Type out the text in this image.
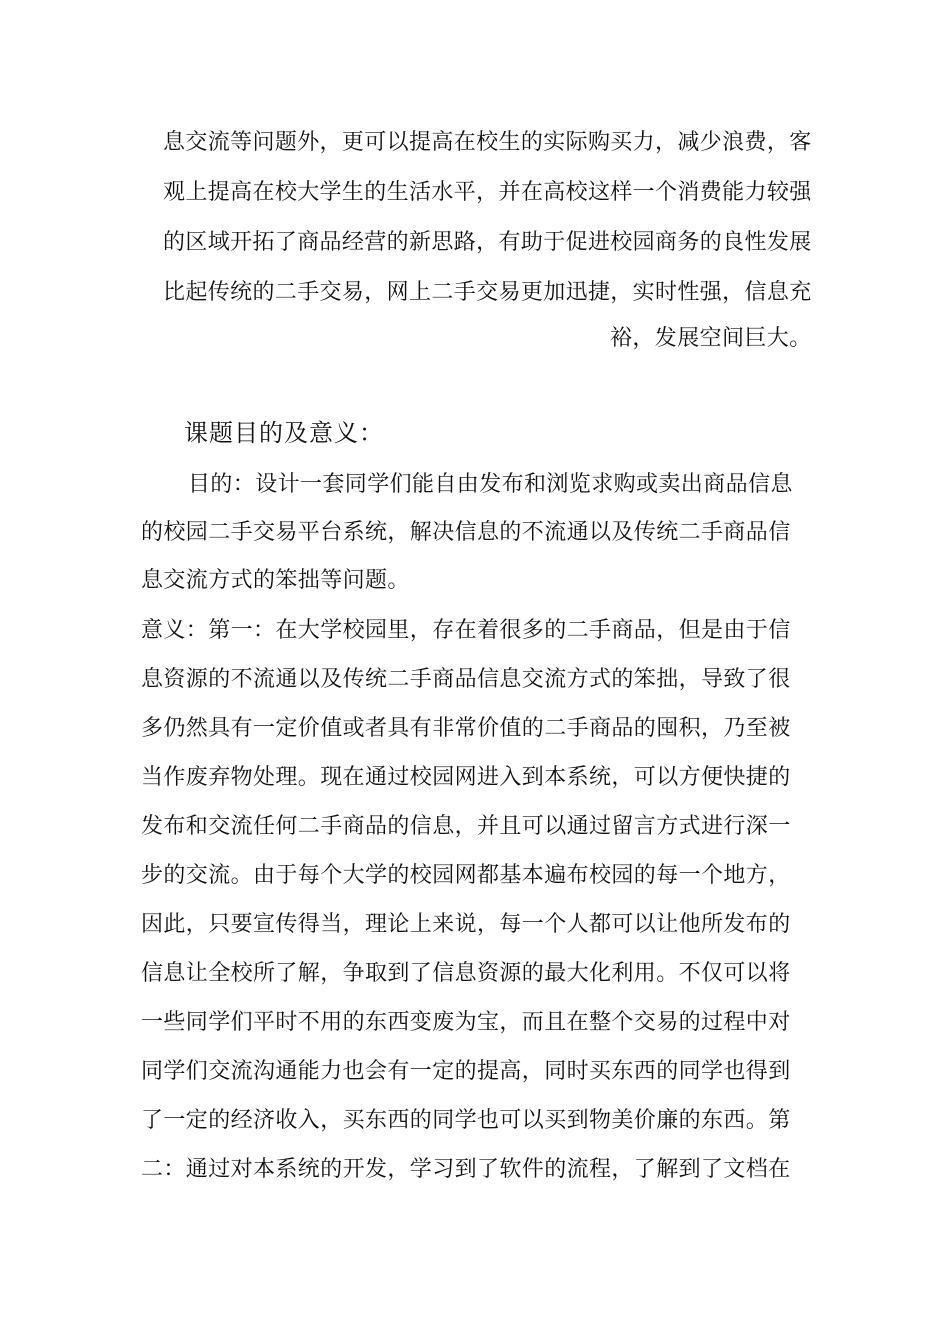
息交流等问题外，更可以提高在校生的实际购买力，减少浪费，客
观上提高在校大学生的生活水平，并在高校这样一个消费能力较强
的区域开拓了商品经营的新思路，有助于促进校园商务的良性发展
比起传统的二手交易，网上二手交易更加迅捷，实时性强，信息充
裕，发展空间巨大。
课题目的及意义：
目的：设计一套同学们能自由发布和浏览求购或卖出商品信息
的校园二手交易平台系统，解决信息的不流通以及传统二手商品信
息交流方式的笨拙等问题。
意义：第一：在大学校园里，存在着很多的二手商品，但是由于信
息资源的不流通以及传统二手商品信息交流方式的笨拙，导致了很
多仍然具有一定价值或者具有非常价值的二手商品的囤积，乃至被
当作废弃物处理。现在通过校园网进入到本系统，可以方便快捷的
发布和交流任何二手商品的信息，并且可以通过留言方式进行深一
步的交流。由于每个大学的校园网都基本遍布校园的每一个地方，
因此，只要宣传得当，理论上来说，每一个人都可以让他所发布的
信息让全校所了解，争取到了信息资源的最大化利用。不仅可以将
一些同学们平时不用的东西变废为宝，而且在整个交易的过程中对
同学们交流沟通能力也会有一定的提高，同时买东西的同学也得到
了一定的经济收入，买东西的同学也可以买到物美价廉的东西。第
二：通过对本系统的开发，学习到了软件的流程，了解到了文档在
